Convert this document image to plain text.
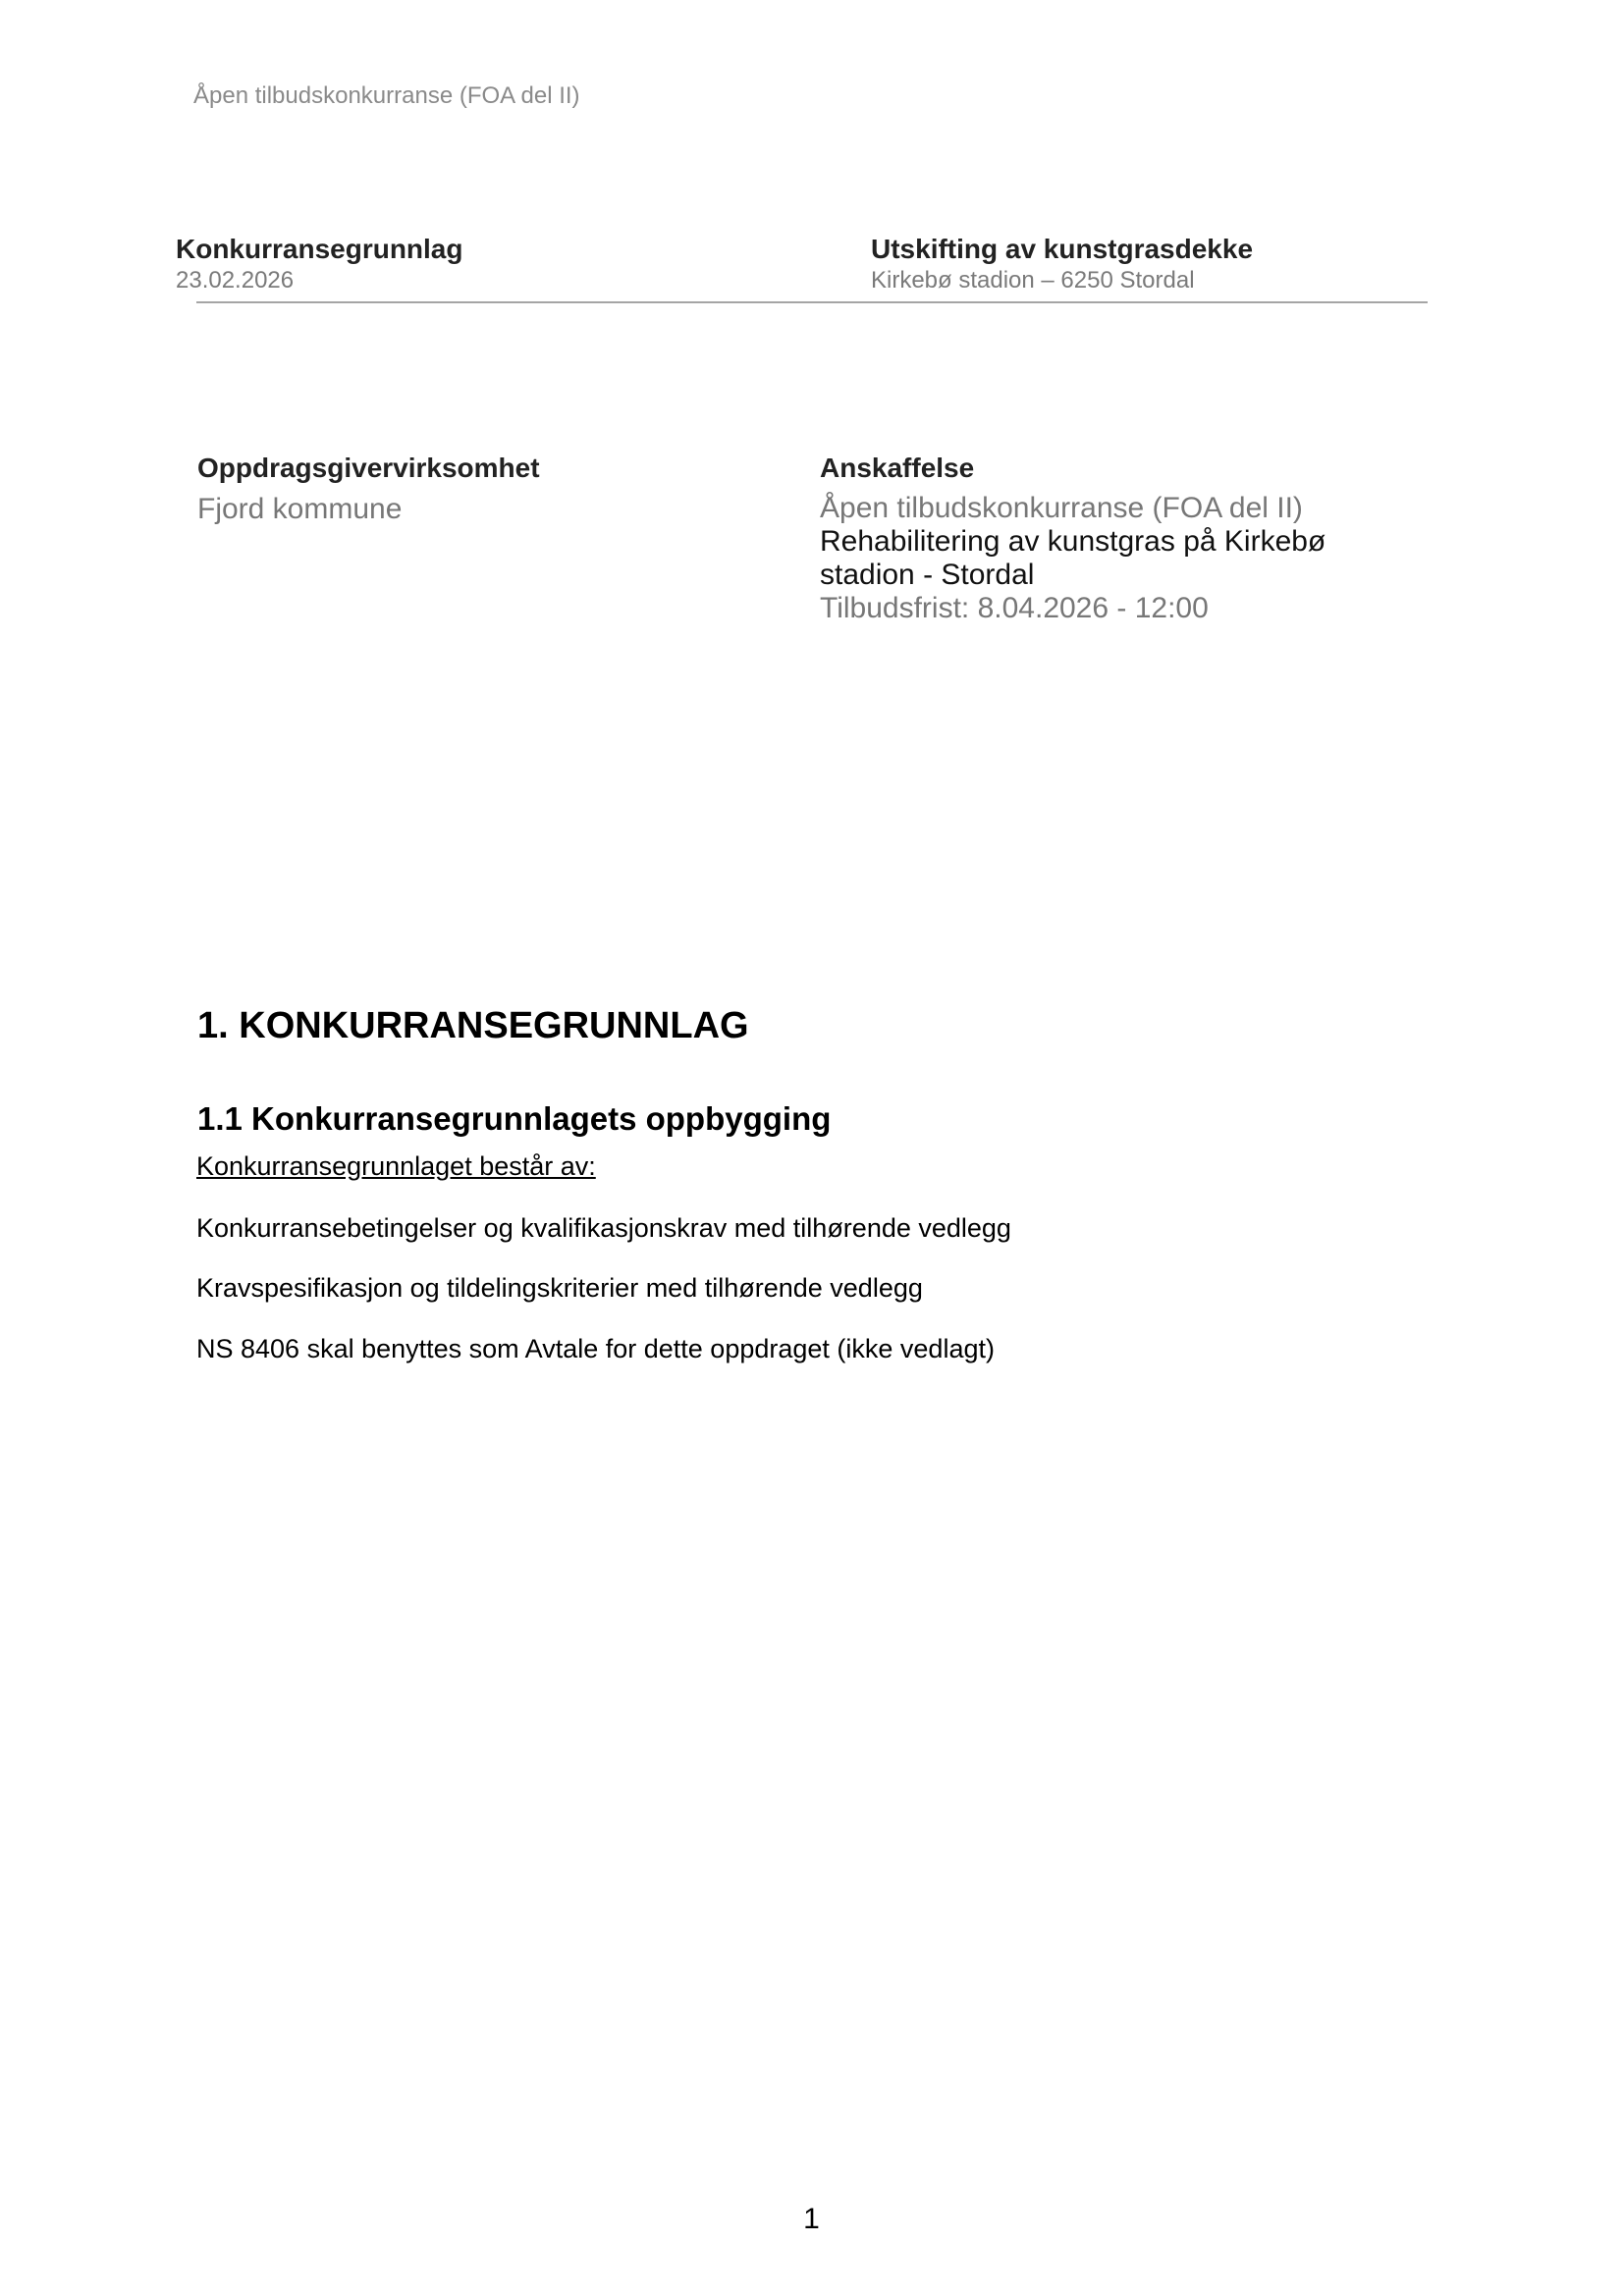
Åpen tilbudskonkurranse (FOA del II)
Konkurransegrunnlag
23.02.2026
Utskifting av kunstgrasdekke
Kirkebø stadion – 6250 Stordal
Oppdragsgivervirksomhet
Fjord kommune
Anskaffelse
Åpen tilbudskonkurranse (FOA del II)
Rehabilitering av kunstgras på Kirkebø
stadion - Stordal
Tilbudsfrist: 8.04.2026 - 12:00
1. KONKURRANSEGRUNNLAG
1.1 Konkurransegrunnlagets oppbygging
Konkurransegrunnlaget består av:
Konkurransebetingelser og kvalifikasjonskrav med tilhørende vedlegg
Kravspesifikasjon og tildelingskriterier med tilhørende vedlegg
NS 8406 skal benyttes som Avtale for dette oppdraget (ikke vedlagt)
1
